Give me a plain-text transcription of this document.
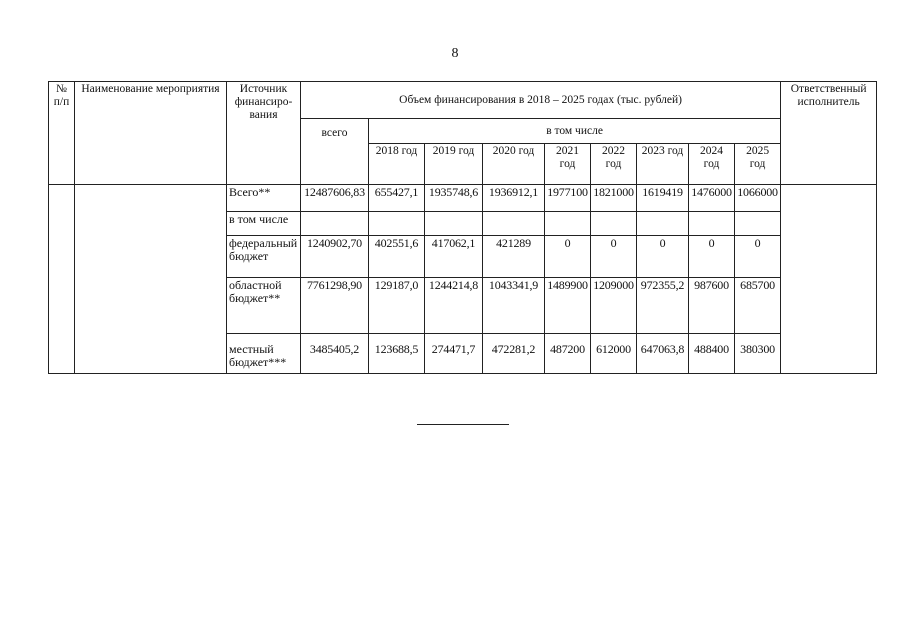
8
№ п/п	Наименование мероприятия	Источник финансиро-вания	Объем финансирования в 2018 – 2025 годах (тыс. рублей)									Ответственный исполнитель
			всего	в том числе								
				2018 год	2019 год	2020 год	2021 год	2022 год	2023 год	2024 год	2025 год	
		Всего**	12487606,83	655427,1	1935748,6	1936912,1	1977100	1821000	1619419	1476000	1066000	
		в том числе										
		федеральный бюджет	1240902,70	402551,6	417062,1	421289	0	0	0	0	0	
		областной бюджет**	7761298,90	129187,0	1244214,8	1043341,9	1489900	1209000	972355,2	987600	685700	
		местный бюджет***	3485405,2	123688,5	274471,7	472281,2	487200	612000	647063,8	488400	380300	
